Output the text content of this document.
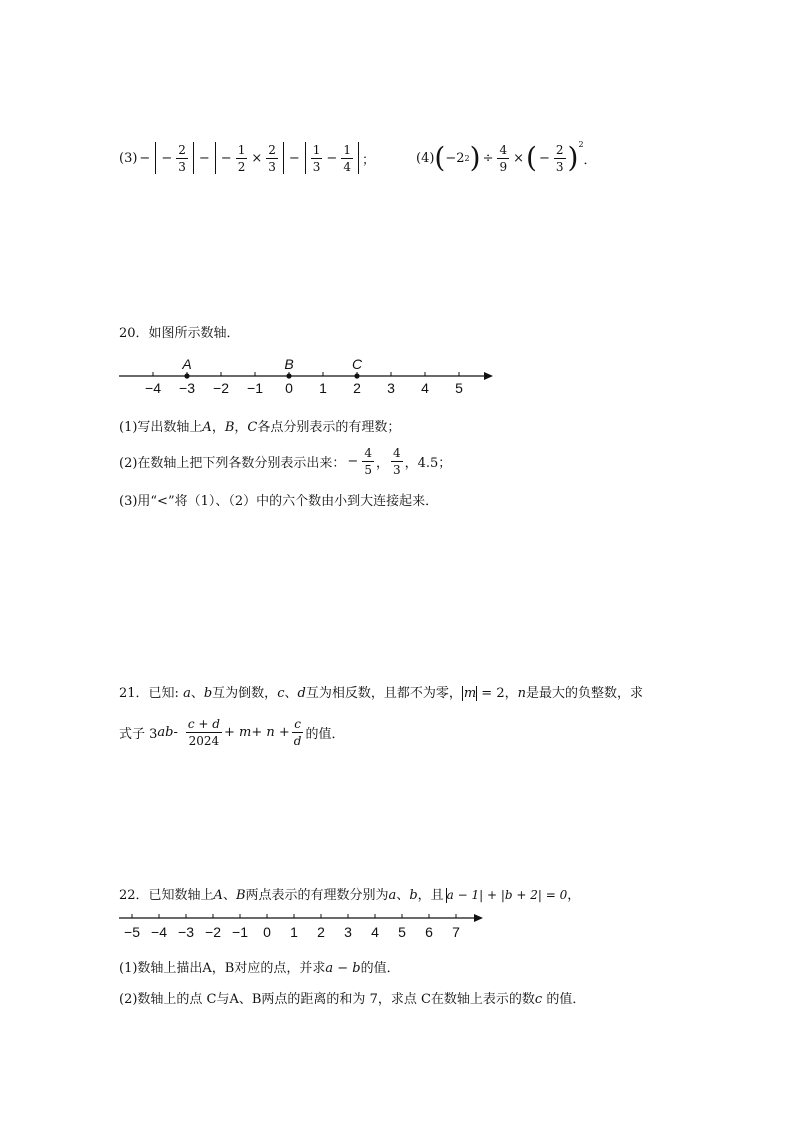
(3) − − $\frac{2}{3}$ − − $\frac{1}{2} \times \frac{2}{3} - \frac{1}{3} - \frac{1}{4}$ ；	(4) ( −2 2 ) ÷ $\frac{4}{9}$ × ( − $\frac{2}{3} )^2$
．
20．如图所示数轴．
−4 −3 −2 −1 0 1 2 3 4 5
A	B	C
(1)写出数轴上A，B，C各点分别表示的有理数；
(2)在数轴上把下列各数分别表示出来： − $\frac{4}{5}$ ， $\frac{4}{3}$ ，4.5；
(3)用“<”将（1）、（2）中的六个数由小到大连接起来．
21．已知: a、b互为倒数，c、d互为相反数，且都不为零， m = 2，n是最大的负整数，求
式子 3 ab - $\frac{c + d}{2024} + m+ n + \frac{c}{d}$ 的值．
22．已知数轴上A、B两点表示的有理数分别为a、b，且 a − 1| + |b + 2| = 0，
−5 −4 −3 −2 −1 0 1 2 3 4 5 6 7
(1)数轴上描出A，B对应的点，并求a − b的值．
(2)数轴上的点 C与A、B两点的距离的和为 7，求点 C在数轴上表示的数c 的值．
